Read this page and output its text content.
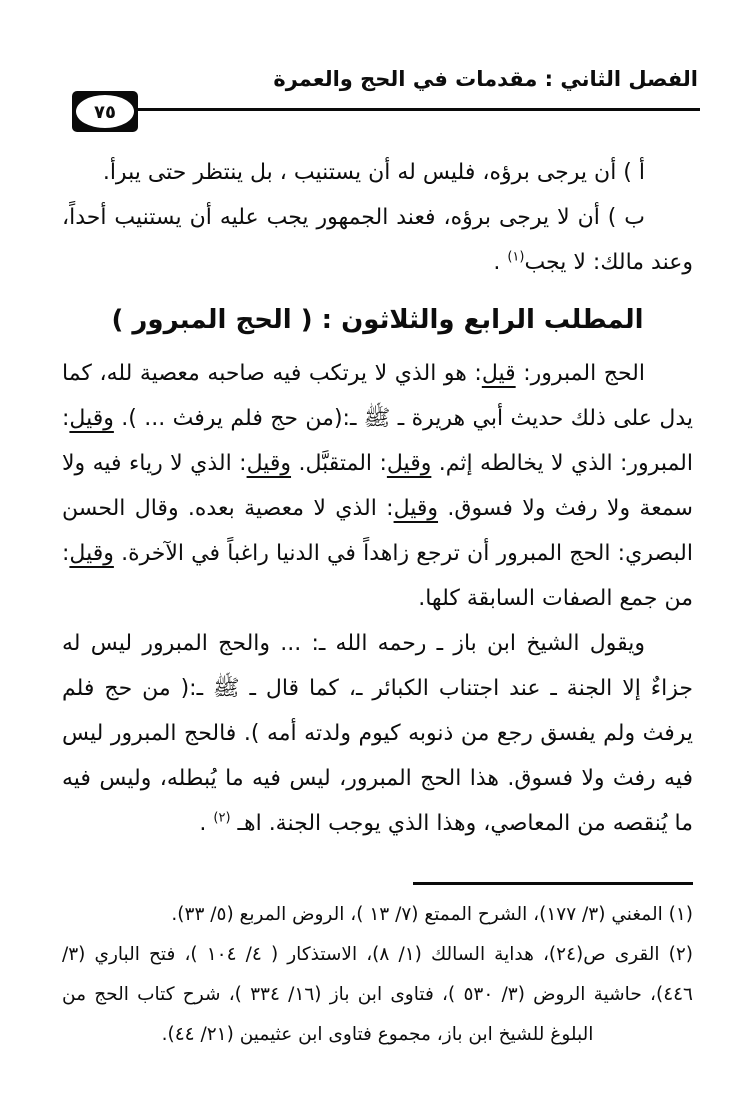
الفصل الثاني : مقدمات في الحج والعمرة
٧٥

أ ) أن يرجى برؤه، فليس له أن يستنيب ، بل ينتظر حتى يبرأ.

ب ) أن لا يرجى برؤه، فعند الجمهور يجب عليه أن يستنيب أحداً، وعند مالك: لا يجب$^{(١)}$ .

المطلب الرابع والثلاثون : ( الحج المبرور )

الحج المبرور: قيل: هو الذي لا يرتكب فيه صاحبه معصية لله، كما يدل على ذلك حديث أبي هريرة ـ ﷺ ـ:(من حج فلم يرفث ... ). وقيل: المبرور: الذي لا يخالطه إثم. وقيل: المتقبَّل. وقيل: الذي لا رياء فيه ولا سمعة ولا رفث ولا فسوق. وقيل: الذي لا معصية بعده. وقال الحسن البصري: الحج المبرور أن ترجع زاهداً في الدنيا راغباً في الآخرة. وقيل: من جمع الصفات السابقة كلها.

ويقول الشيخ ابن باز ـ رحمه الله ـ: ... والحج المبرور ليس له جزاءٌ إلا الجنة ـ عند اجتناب الكبائر ـ، كما قال ـ ﷺ ـ:( من حج فلم يرفث ولم يفسق رجع من ذنوبه كيوم ولدته أمه ). فالحج المبرور ليس فيه رفث ولا فسوق. هذا الحج المبرور، ليس فيه ما يُبطله، وليس فيه ما يُنقصه من المعاصي، وهذا الذي يوجب الجنة. اهـ $^{(٢)}$ .

(١) المغني (٣/ ١٧٧)، الشرح الممتع (٧/ ١٣ )، الروض المربع (٥/ ٣٣).

(٢) القرى ص(٢٤)، هداية السالك (١/ ٨)، الاستذكار ( ٤/ ١٠٤ )، فتح الباري (٣/ ٤٤٦)، حاشية الروض (٣/ ٥٣٠ )، فتاوى ابن باز (١٦/ ٣٣٤ )، شرح كتاب الحج من البلوغ للشيخ ابن باز، مجموع فتاوى ابن عثيمين (٢١/ ٤٤).
